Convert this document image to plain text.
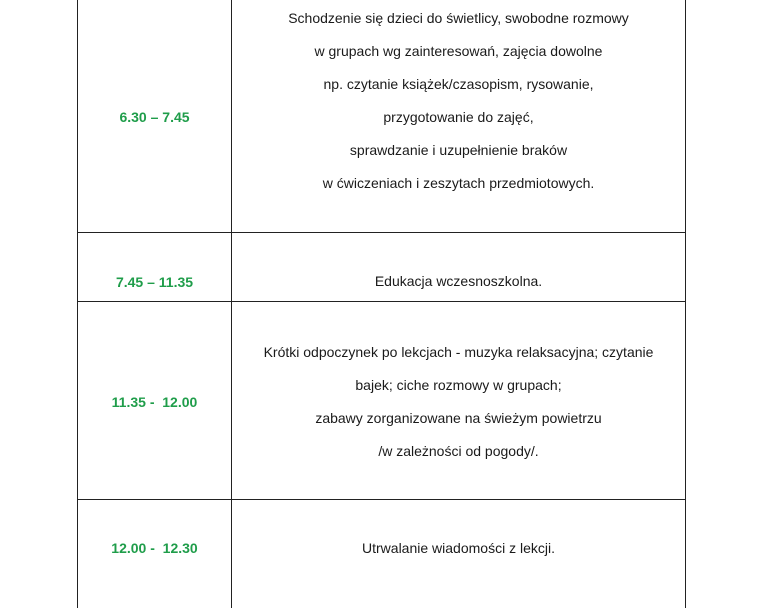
6.30 – 7.45
Schodzenie się dzieci do świetlicy, swobodne rozmowy
w grupach wg zainteresowań, zajęcia dowolne
np. czytanie książek/czasopism, rysowanie,
przygotowanie do zajęć,
sprawdzanie i uzupełnienie braków
w ćwiczeniach i zeszytach przedmiotowych.
7.45 – 11.35	Edukacja wczesnoszkolna.
11.35 -  12.00
Krótki odpoczynek po lekcjach - muzyka relaksacyjna; czytanie
bajek; ciche rozmowy w grupach;
zabawy zorganizowane na świeżym powietrzu
/w zależności od pogody/.
12.00 -  12.30	Utrwalanie wiadomości z lekcji.
